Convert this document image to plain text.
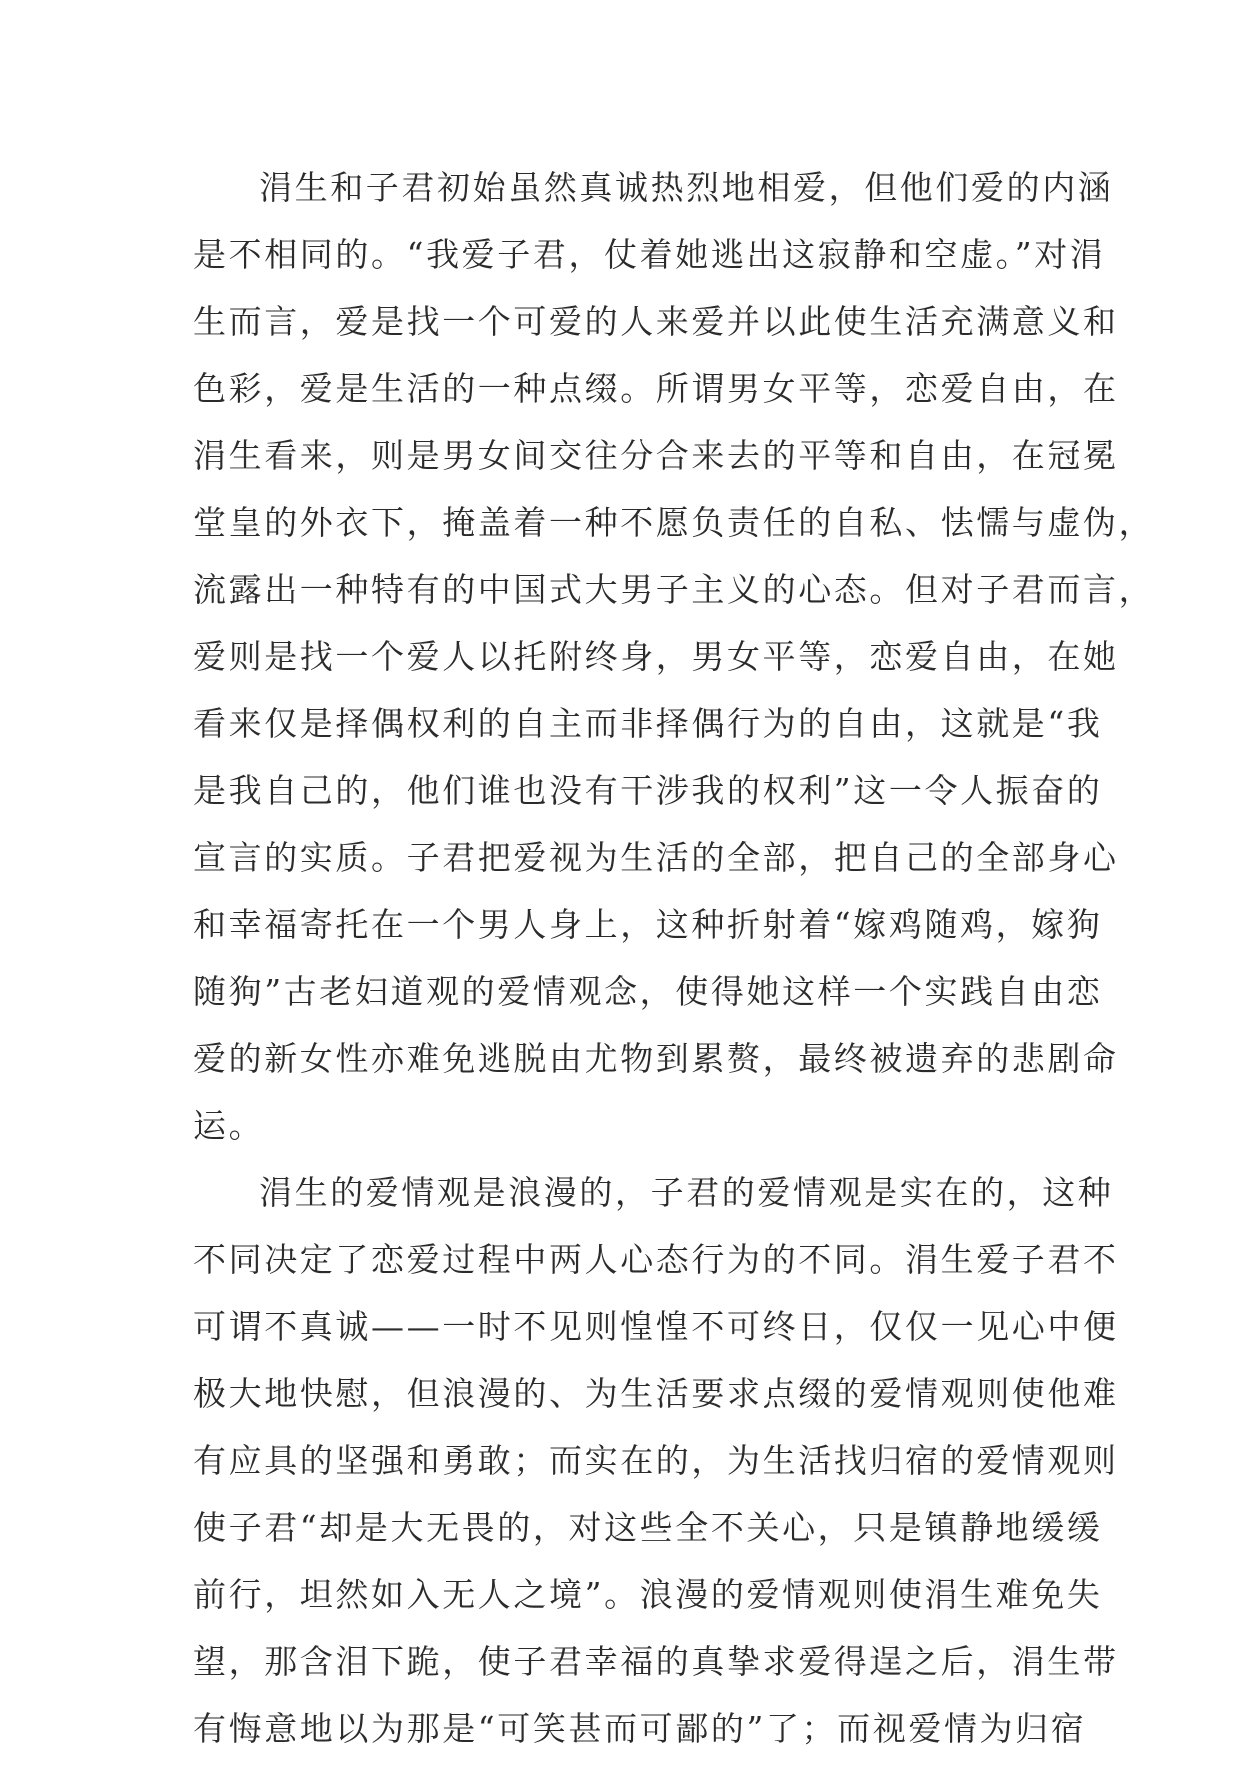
涓生和子君初始虽然真诚热烈地相爱，但他们爱的内涵
是不相同的。“我爱子君，仗着她逃出这寂静和空虚。”对涓
生而言，爱是找一个可爱的人来爱并以此使生活充满意义和
色彩，爱是生活的一种点缀。所谓男女平等，恋爱自由，在
涓生看来，则是男女间交往分合来去的平等和自由，在冠冕
堂皇的外衣下，掩盖着一种不愿负责任的自私、怯懦与虚伪，
流露出一种特有的中国式大男子主义的心态。但对子君而言，
爱则是找一个爱人以托附终身，男女平等，恋爱自由，在她
看来仅是择偶权利的自主而非择偶行为的自由，这就是“我
是我自己的，他们谁也没有干涉我的权利”这一令人振奋的
宣言的实质。子君把爱视为生活的全部，把自己的全部身心
和幸福寄托在一个男人身上，这种折射着“嫁鸡随鸡，嫁狗
随狗”古老妇道观的爱情观念，使得她这样一个实践自由恋
爱的新女性亦难免逃脱由尤物到累赘，最终被遗弃的悲剧命
运。
涓生的爱情观是浪漫的，子君的爱情观是实在的，这种
不同决定了恋爱过程中两人心态行为的不同。涓生爱子君不
可谓不真诚——一时不见则惶惶不可终日，仅仅一见心中便
极大地快慰，但浪漫的、为生活要求点缀的爱情观则使他难
有应具的坚强和勇敢；而实在的，为生活找归宿的爱情观则
使子君“却是大无畏的，对这些全不关心，只是镇静地缓缓
前行，坦然如入无人之境”。浪漫的爱情观则使涓生难免失
望，那含泪下跪，使子君幸福的真挚求爱得逞之后，涓生带
有悔意地以为那是“可笑甚而可鄙的”了；而视爱情为归宿
